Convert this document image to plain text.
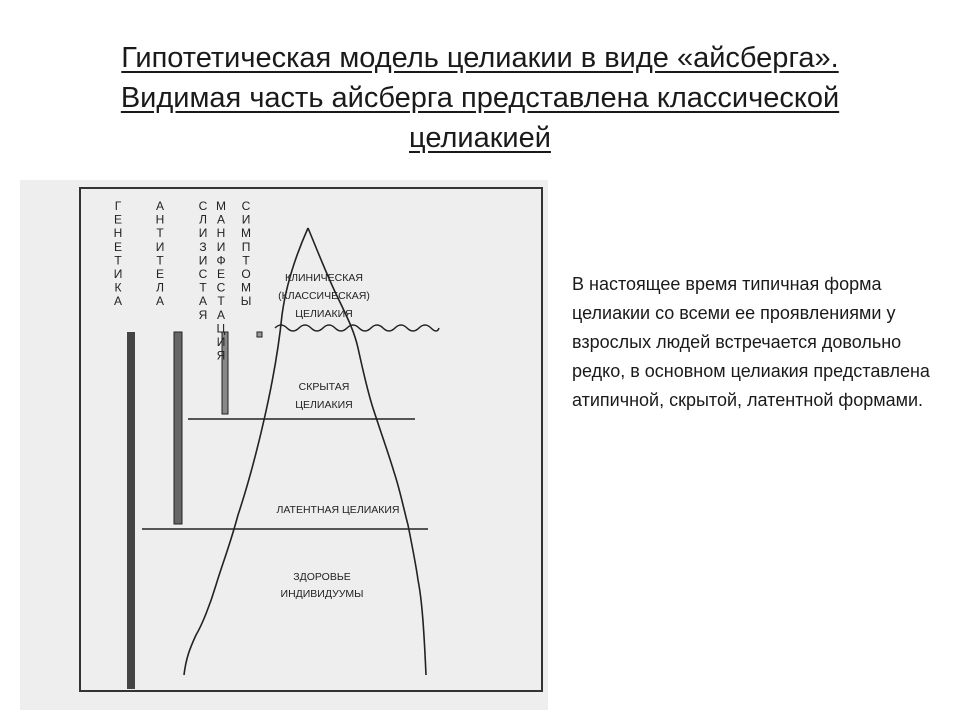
Гипотетическая модель целиакии в виде «айсберга».
Видимая часть айсберга представлена классической
целиакией
Г
Е
Н
Е
Т
И
К
А
А
Н
Т
И
Т
Е
Л
А
С
Л
И
З
И
С
Т
А
Я
М
А
Н
И
Ф
Е
С
Т
А
Ц
И
Я
С
И
М
П
Т
О
М
Ы
КЛИНИЧЕСКАЯ
(КЛАССИЧЕСКАЯ)
ЦЕЛИАКИЯ
СКРЫТАЯ
ЦЕЛИАКИЯ
ЛАТЕНТНАЯ ЦЕЛИАКИЯ
ЗДОРОВЬЕ
ИНДИВИДУУМЫ
В настоящее время типичная форма целиакии со всеми ее проявлениями у взрослых людей встречается довольно редко, в основном целиакия представлена атипичной, скрытой, латентной формами.
